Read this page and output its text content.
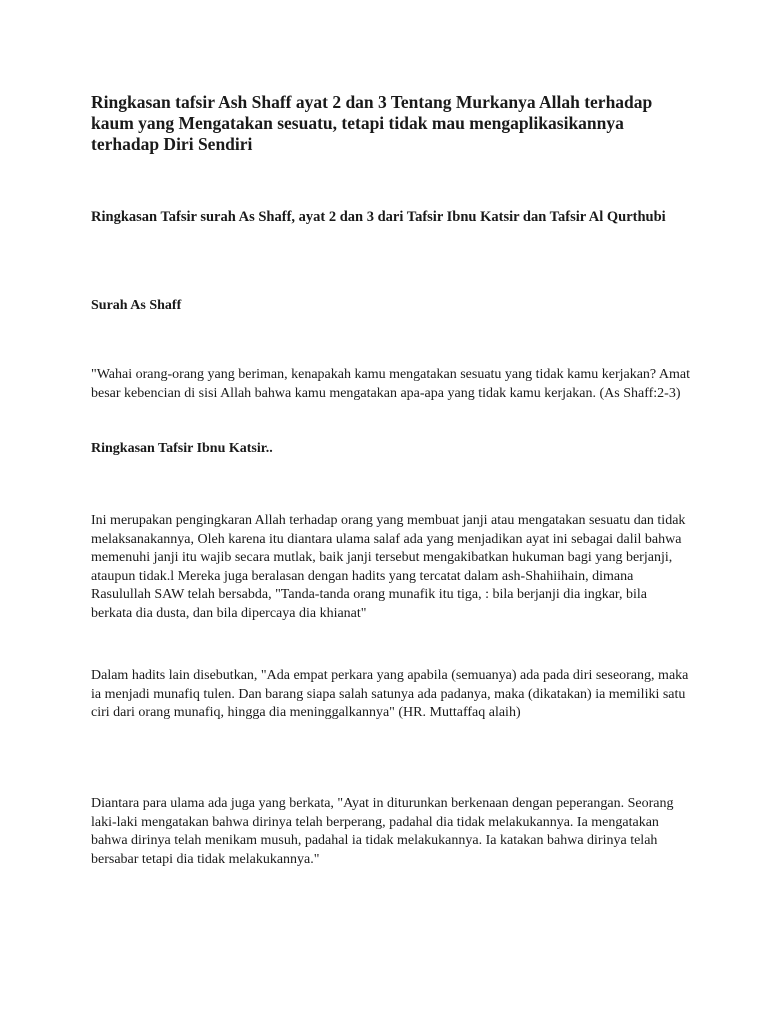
Ringkasan tafsir Ash Shaff ayat 2 dan 3 Tentang Murkanya Allah terhadap kaum yang Mengatakan sesuatu, tetapi tidak mau mengaplikasikannya terhadap Diri Sendiri
Ringkasan Tafsir surah As Shaff, ayat 2 dan 3 dari Tafsir Ibnu Katsir dan Tafsir Al Qurthubi
Surah As Shaff

"Wahai orang-orang yang beriman, kenapakah kamu mengatakan sesuatu yang tidak kamu kerjakan? Amat besar kebencian di sisi Allah bahwa kamu mengatakan apa-apa yang tidak kamu kerjakan. (As Shaff:2-3)

Ringkasan Tafsir Ibnu Katsir..

Ini merupakan pengingkaran Allah terhadap orang yang membuat janji atau mengatakan sesuatu dan tidak melaksanakannya, Oleh karena itu diantara ulama salaf ada yang menjadikan ayat ini sebagai dalil bahwa memenuhi janji itu wajib secara mutlak, baik janji tersebut mengakibatkan hukuman bagi yang berjanji, ataupun tidak.l Mereka juga beralasan dengan hadits yang tercatat dalam ash-Shahiihain, dimana Rasulullah SAW telah bersabda, "Tanda-tanda orang munafik itu tiga, : bila berjanji dia ingkar, bila berkata dia dusta, dan bila dipercaya dia khianat"

Dalam hadits lain disebutkan, "Ada empat perkara yang apabila (semuanya) ada pada diri seseorang, maka ia menjadi munafiq tulen. Dan barang siapa salah satunya ada padanya, maka (dikatakan) ia memiliki satu ciri dari orang munafiq, hingga dia meninggalkannya" (HR. Muttaffaq alaih)

Diantara para ulama ada juga yang berkata, "Ayat in diturunkan berkenaan dengan peperangan. Seorang laki-laki mengatakan bahwa dirinya telah berperang, padahal dia tidak melakukannya. Ia mengatakan bahwa dirinya telah menikam musuh, padahal ia tidak melakukannya. Ia katakan bahwa dirinya telah bersabar tetapi dia tidak melakukannya."
